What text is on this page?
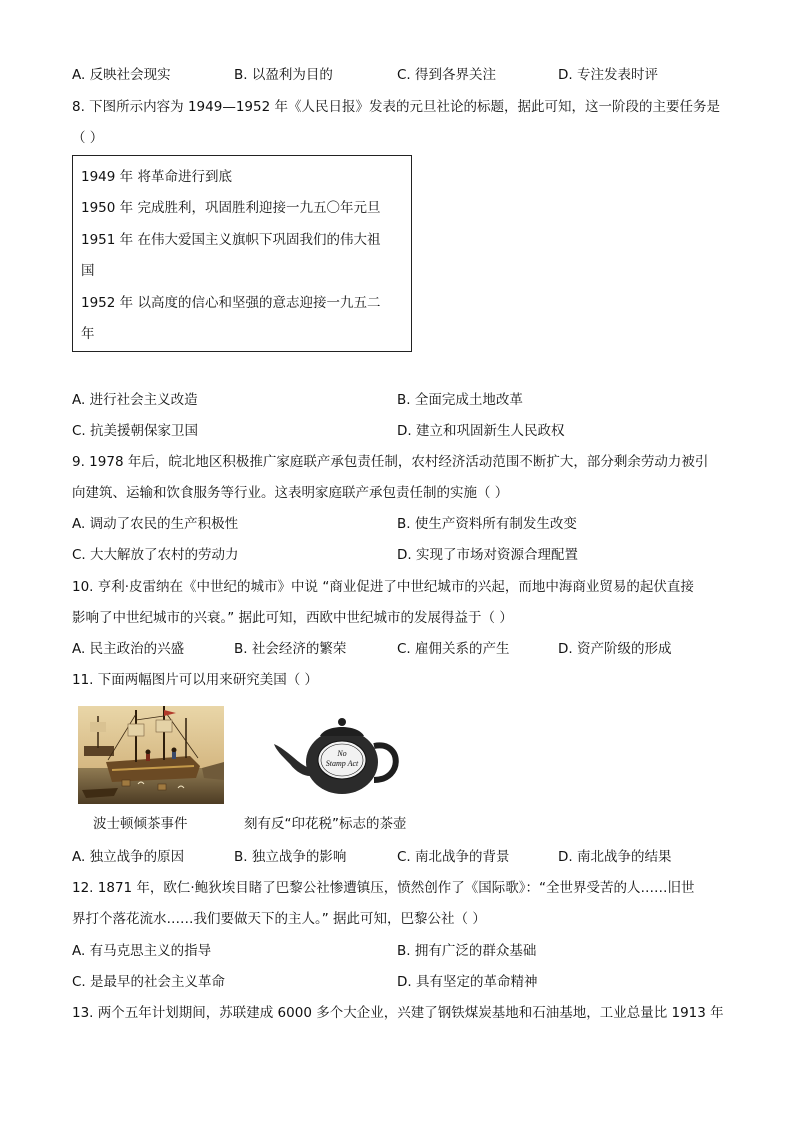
A. 反映社会现实	B. 以盈利为目的	C. 得到各界关注	D. 专注发表时评
8. 下图所示内容为 1949—1952 年《人民日报》发表的元旦社论的标题，据此可知，这一阶段的主要任务是
（ ）
1949 年 将革命进行到底
1950 年 完成胜利，巩固胜利迎接一九五〇年元旦
1951 年 在伟大爱国主义旗帜下巩固我们的伟大祖
国
1952 年 以高度的信心和坚强的意志迎接一九五二
年
A. 进行社会主义改造	B. 全面完成土地改革
C. 抗美援朝保家卫国	D. 建立和巩固新生人民政权
9. 1978 年后，皖北地区积极推广家庭联产承包责任制，农村经济活动范围不断扩大，部分剩余劳动力被引
向建筑、运输和饮食服务等行业。这表明家庭联产承包责任制的实施（ ）
A. 调动了农民的生产积极性	B. 使生产资料所有制发生改变
C. 大大解放了农村的劳动力	D. 实现了市场对资源合理配置
10. 亨利·皮雷纳在《中世纪的城市》中说 “商业促进了中世纪城市的兴起，而地中海商业贸易的起伏直接
影响了中世纪城市的兴衰。” 据此可知，西欧中世纪城市的发展得益于（ ）
A. 民主政治的兴盛	B. 社会经济的繁荣	C. 雇佣关系的产生	D. 资产阶级的形成
11. 下面两幅图片可以用来研究美国（ ）
No
Stamp Act
波士顿倾茶事件	刻有反“印花税”标志的茶壶
A. 独立战争的原因	B. 独立战争的影响	C. 南北战争的背景	D. 南北战争的结果
12. 1871 年，欧仁·鲍狄埃目睹了巴黎公社惨遭镇压，愤然创作了《国际歌》：“全世界受苦的人……旧世
界打个落花流水……我们要做天下的主人。” 据此可知，巴黎公社（ ）
A. 有马克思主义的指导	B. 拥有广泛的群众基础
C. 是最早的社会主义革命	D. 具有坚定的革命精神
13. 两个五年计划期间，苏联建成 6000 多个大企业，兴建了钢铁煤炭基地和石油基地，工业总量比 1913 年
